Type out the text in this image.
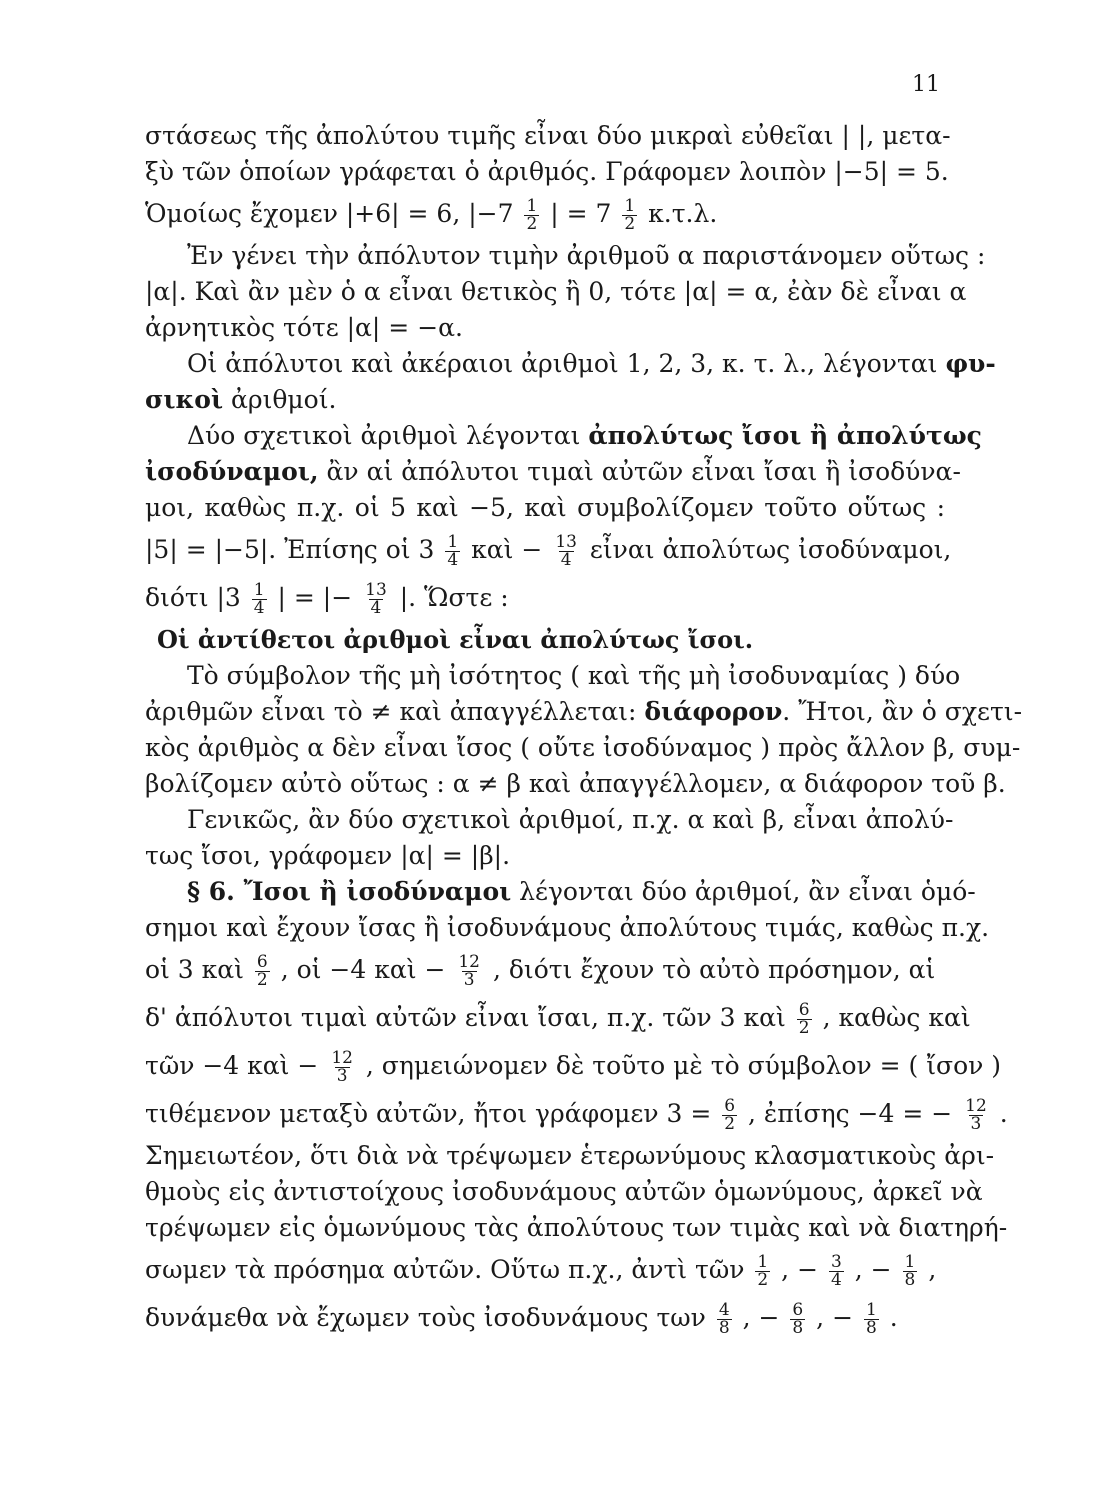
11
στάσεως τῆς ἀπολύτου τιμῆς εἶναι δύο μικραὶ εὐθεῖαι | |, μετα-
ξὺ τῶν ὁποίων γράφεται ὁ ἀριθμός. Γράφομεν λοιπὸν |−5| = 5.
Ὁμοίως ἔχομεν |+6| = 6, $|-7 \frac{1}{2}$ | = $7 \frac{1}{2} \kappa.\tau.\lambda$.
Ἐν γένει τὴν ἀπόλυτον τιμὴν ἀριθμοῦ α παριστάνομεν οὕτως :
|α|. Καὶ ἂν μὲν ὁ α εἶναι θετικὸς ἢ 0, τότε |α| = α, ἐὰν δὲ εἶναι α
ἀρνητικὸς τότε |α| = −α.
Οἱ ἀπόλυτοι καὶ ἀκέραιοι ἀριθμοὶ 1, 2, 3, κ. τ. λ., λέγονται φυ-
σικοὶ ἀριθμοί.
Δύο σχετικοὶ ἀριθμοὶ λέγονται ἀπολύτως ἴσοι ἢ ἀπολύτως
ἰσοδύναμοι, ἂν αἱ ἀπόλυτοι τιμαὶ αὐτῶν εἶναι ἴσαι ἢ ἰσοδύνα-
μοι, καθὼς π.χ. οἱ 5 καὶ −5, καὶ συμβολίζομεν τοῦτο οὕτως :
|5| = |−5|. Ἐπίσης οἱ $3 \frac{1}{4}$ καὶ − $\frac{13}{4}$ εἶναι ἀπολύτως ἰσοδύναμοι,
διότι $|3 \frac{1}{4}$ | = |− $\frac{13}{4}$ |. Ὥστε :
Οἱ ἀντίθετοι ἀριθμοὶ εἶναι ἀπολύτως ἴσοι.
Τὸ σύμβολον τῆς μὴ ἰσότητος ( καὶ τῆς μὴ ἰσοδυναμίας ) δύο
ἀριθμῶν εἶναι τὸ ≠ καὶ ἀπαγγέλλεται: διάφορον. Ἤτοι, ἂν ὁ σχετι-
κὸς ἀριθμὸς α δὲν εἶναι ἴσος ( οὔτε ἰσοδύναμος ) πρὸς ἄλλον β, συμ-
βολίζομεν αὐτὸ οὕτως : α ≠ β καὶ ἀπαγγέλλομεν, α διάφορον τοῦ β.
Γενικῶς, ἂν δύο σχετικοὶ ἀριθμοί, π.χ. α καὶ β, εἶναι ἀπολύ-
τως ἴσοι, γράφομεν |α| = |β|.
§ 6. Ἴσοι ἢ ἰσοδύναμοι λέγονται δύο ἀριθμοί, ἂν εἶναι ὁμό-
σημοι καὶ ἔχουν ἴσας ἢ ἰσοδυνάμους ἀπολύτους τιμάς, καθὼς π.χ.
οἱ 3 καὶ $\frac{6}{2}$ , οἱ −4 καὶ − $\frac{12}{3}$ , διότι ἔχουν τὸ αὐτὸ πρόσημον, αἱ
δ' ἀπόλυτοι τιμαὶ αὐτῶν εἶναι ἴσαι, π.χ. τῶν 3 καὶ $\frac{6}{2}$ , καθὼς καὶ
τῶν −4 καὶ − $\frac{12}{3}$ , σημειώνομεν δὲ τοῦτο μὲ τὸ σύμβολον = ( ἴσον )
τιθέμενον μεταξὺ αὐτῶν, ἤτοι γράφομεν $3 = \frac{6}{2}$ , ἐπίσης −4 = − $\frac{12}{3}$ .
Σημειωτέον, ὅτι διὰ νὰ τρέψωμεν ἑτερωνύμους κλασματικοὺς ἀρι-
θμοὺς εἰς ἀντιστοίχους ἰσοδυνάμους αὐτῶν ὁμωνύμους, ἀρκεῖ νὰ
τρέψωμεν εἰς ὁμωνύμους τὰς ἀπολύτους των τιμὰς καὶ νὰ διατηρή-
σωμεν τὰ πρόσημα αὐτῶν. Οὕτω π.χ., ἀντὶ τῶν $\frac{1}{2}$ , − $\frac{3}{4}$ , − $\frac{1}{8}$ ,
δυνάμεθα νὰ ἔχωμεν τοὺς ἰσοδυνάμους των $\frac{4}{8}$ , − $\frac{6}{8}$ , − $\frac{1}{8}$ .
